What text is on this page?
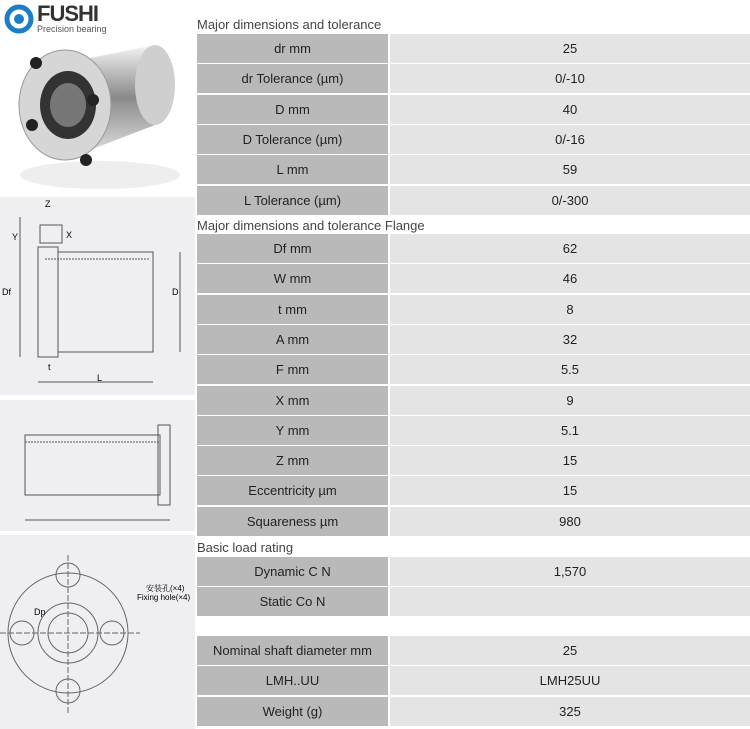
FUSHI
Precision bearing
Z
Y	X
Df	D
t
L
Dp
安装孔(×4)
Fixing hole(×4)
Major dimensions and tolerance
dr mm	25
dr Tolerance (µm)	0/-10
D mm	40
D Tolerance (µm)	0/-16
L mm	59
L Tolerance (µm)	0/-300
Major dimensions and tolerance Flange
Df mm	62
W mm	46
t mm	8
A mm	32
F mm	5.5
X mm	9
Y mm	5.1
Z mm	15
Eccentricity µm	15
Squareness µm	980
Basic load rating
Dynamic C N	1,570
Static Co N
Nominal shaft diameter mm	25
LMH..UU	LMH25UU
Weight (g)	325
